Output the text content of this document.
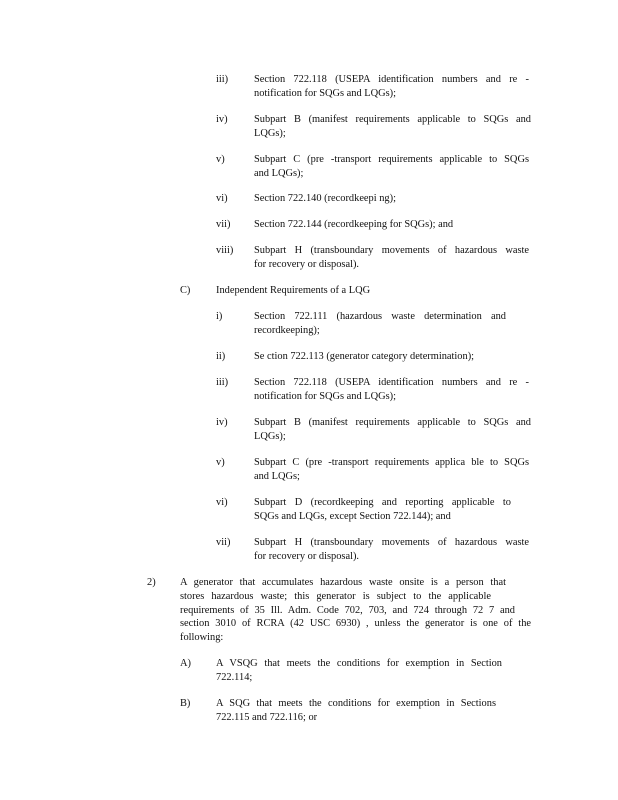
iii) Section 722.118 (USEPA identification numbers and re -
notification for SQGs and LQGs);
iv)	Subpart B (manifest requirements applicable to SQGs and
LQGs);
v)	Subpart C (pre -transport requirements applicable to SQGs
and LQGs);
vi)	Section 722.140 (recordkeepi ng);
vii) Section 722.144 (recordkeeping for SQGs); and
viii) Subpart H (transboundary movements of hazardous waste
for recovery or disposal).
C) Independent Requirements of a LQG
i)	Section 722.111 (hazardous waste determination and
recordkeeping);
ii)	Se ction 722.113 (generator category determination);
iii) Section 722.118 (USEPA identification numbers and re -
notification for SQGs and LQGs);
iv)	Subpart B (manifest requirements applicable to SQGs and
LQGs);
v)	Subpart C (pre -transport requirements applica ble to SQGs
and LQGs;
vi)	Subpart D (recordkeeping and reporting applicable to
SQGs and LQGs, except Section 722.144); and
vii) Subpart H (transboundary movements of hazardous waste
for recovery or disposal).
2) A generator that accumulates hazardous waste onsite is a person that
stores hazardous waste; this generator is subject to the applicable
requirements of 35 Ill. Adm. Code 702, 703, and 724 through 72 7 and
section 3010 of RCRA (42 USC 6930) , unless the generator is one of the
following:
A) A VSQG that meets the conditions for exemption in Section
722.114;
B) A SQG that meets the conditions for exemption in Sections
722.115 and 722.116; or
